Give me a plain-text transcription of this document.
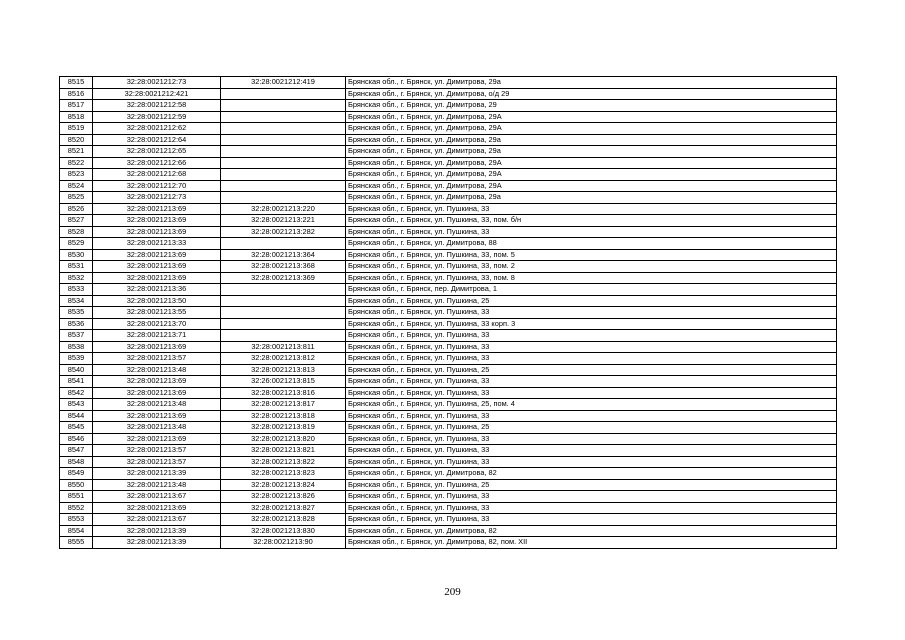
8515	32:28:0021212:73	32:28:0021212:419	Брянская обл., г. Брянск, ул. Димитрова, 29а
8516	32:28:0021212:421		Брянская обл., г. Брянск, ул. Димитрова, о/д 29
8517	32:28:0021212:58		Брянская обл., г. Брянск, ул. Димитрова, 29
8518	32:28:0021212:59		Брянская обл., г. Брянск, ул. Димитрова, 29А
8519	32:28:0021212:62		Брянская обл., г. Брянск, ул. Димитрова, 29А
8520	32:28:0021212:64		Брянская обл., г. Брянск, ул. Димитрова, 29а
8521	32:28:0021212:65		Брянская обл., г. Брянск, ул. Димитрова, 29а
8522	32:28:0021212:66		Брянская обл., г. Брянск, ул. Димитрова, 29А
8523	32:28:0021212:68		Брянская обл., г. Брянск, ул. Димитрова, 29А
8524	32:28:0021212:70		Брянская обл., г. Брянск, ул. Димитрова, 29А
8525	32:28:0021212:73		Брянская обл., г. Брянск, ул. Димитрова, 29а
8526	32:28:0021213:69	32:28:0021213:220	Брянская обл., г. Брянск, ул. Пушкина, 33
8527	32:28:0021213:69	32:28:0021213:221	Брянская обл., г. Брянск, ул. Пушкина, 33, пом. б/н
8528	32:28:0021213:69	32:28:0021213:282	Брянская обл., г. Брянск, ул. Пушкина, 33
8529	32:28:0021213:33		Брянская обл., г. Брянск, ул. Димитрова, 88
8530	32:28:0021213:69	32:28:0021213:364	Брянская обл., г. Брянск, ул. Пушкина, 33, пом. 5
8531	32:28:0021213:69	32:28:0021213:368	Брянская обл., г. Брянск, ул. Пушкина, 33, пом. 2
8532	32:28:0021213:69	32:28:0021213:369	Брянская обл., г. Брянск, ул. Пушкина, 33, пом. 8
8533	32:28:0021213:36		Брянская обл., г. Брянск, пер. Димитрова, 1
8534	32:28:0021213:50		Брянская обл., г. Брянск, ул. Пушкина, 25
8535	32:28:0021213:55		Брянская обл., г. Брянск, ул. Пушкина, 33
8536	32:28:0021213:70		Брянская обл., г. Брянск, ул. Пушкина, 33 корп. 3
8537	32:28:0021213:71		Брянская обл., г. Брянск, ул. Пушкина, 33
8538	32:28:0021213:69	32:28:0021213:811	Брянская обл., г. Брянск, ул. Пушкина, 33
8539	32:28:0021213:57	32:28:0021213:812	Брянская обл., г. Брянск, ул. Пушкина, 33
8540	32:28:0021213:48	32:28:0021213:813	Брянская обл., г. Брянск, ул. Пушкина, 25
8541	32:28:0021213:69	32:26:0021213:815	Брянская обл., г. Брянск, ул. Пушкина, 33
8542	32:28:0021213:69	32:28:0021213:816	Брянская обл., г. Брянск, ул. Пушкина, 33
8543	32:28:0021213:48	32:28:0021213:817	Брянская обл., г. Брянск, ул. Пушкина, 25, пом. 4
8544	32:28:0021213:69	32:28:0021213:818	Брянская обл., г. Брянск, ул. Пушкина, 33
8545	32:28:0021213:48	32:28:0021213:819	Брянская обл., г. Брянск, ул. Пушкина, 25
8546	32:28:0021213:69	32:28:0021213:820	Брянская обл., г. Брянск, ул. Пушкина, 33
8547	32:28:0021213:57	32:28:0021213:821	Брянская обл., г. Брянск, ул. Пушкина, 33
8548	32:28:0021213:57	32:28:0021213:822	Брянская обл., г. Брянск, ул. Пушкина, 33
8549	32:28:0021213:39	32:28:0021213:823	Брянская обл., г. Брянск, ул. Димитрова, 82
8550	32:28:0021213:48	32:28:0021213:824	Брянская обл., г. Брянск, ул. Пушкина, 25
8551	32:28:0021213:67	32:28:0021213:826	Брянская обл., г. Брянск, ул. Пушкина, 33
8552	32:28:0021213:69	32:28:0021213:827	Брянская обл., г. Брянск, ул. Пушкина, 33
8553	32:28:0021213:67	32:28:0021213:828	Брянская обл., г. Брянск, ул. Пушкина, 33
8554	32:28:0021213:39	32:28:0021213:830	Брянская обл., г. Брянск, ул. Димитрова, 82
8555	32:28:0021213:39	32:28:0021213:90	Брянская обл., г. Брянск, ул. Димитрова, 82, пом. XII
209
